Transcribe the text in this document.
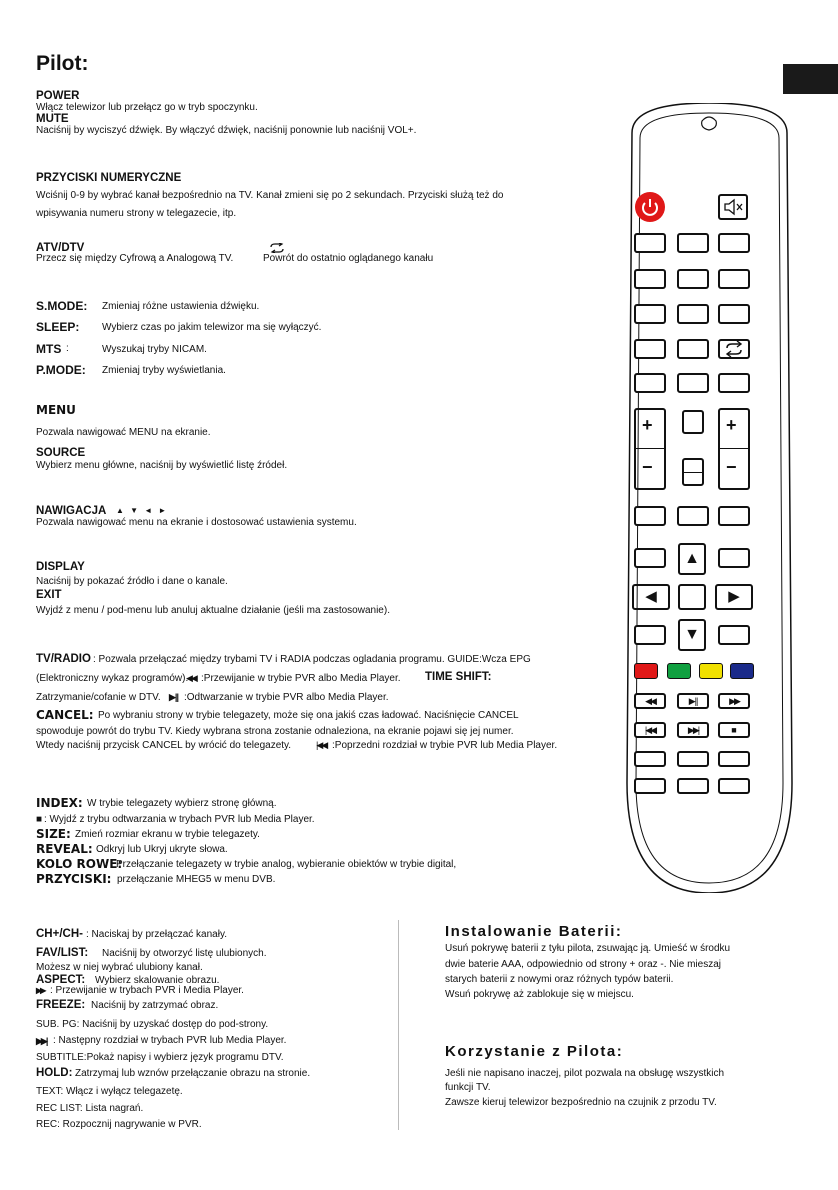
Pilot:
POWER
Włącz telewizor lub przełącz go w tryb spoczynku.
MUTE
Naciśnij by wyciszyć dźwięk. By włączyć dźwięk, naciśnij ponownie lub naciśnij VOL+.
PRZYCISKI NUMERYCZNE
Wciśnij 0-9 by wybrać kanał bezpośrednio na TV. Kanał zmieni się po 2 sekundach. Przyciski służą też do
wpisywania numeru strony w telegazecie, itp.
ATV/DTV
Przecz się między Cyfrową a Analogową TV.	Powrót do ostatnio oglądanego kanału
S.MODE: Zmieniaj różne ustawienia dźwięku.
SLEEP: Wybierz czas po jakim telewizor ma się wyłączyć.
MTS :	Wyszukaj tryby NICAM.
P.MODE: Zmieniaj tryby wyświetlania.
MENU
Pozwala nawigować MENU na ekranie.
SOURCE
Wybierz menu główne, naciśnij by wyświetlić listę źródeł.
NAWIGACJA ▲ ▼ ◄ ►
Pozwala nawigować menu na ekranie i dostosować ustawienia systemu.
DISPLAY
Naciśnij by pokazać źródło i dane o kanale.
EXIT
Wyjdź z menu / pod-menu lub anuluj aktualne działanie (jeśli ma zastosowanie).
TV/RADIO : Pozwala przełączać między trybami TV i RADIA podczas ogladania programu. GUIDE:Wcza EPG
(Elektroniczny wykaz programów).
◀◀ :Przewijanie w trybie PVR albo Media Player. TIME SHIFT:
Zatrzymanie/cofanie w DTV. ▶|| :Odtwarzanie w trybie PVR albo Media Player.
CANCEL: Po wybraniu strony w trybie telegazety, może się ona jakiś czas ładować. Naciśnięcie CANCEL
spowoduje powrót do trybu TV. Kiedy wybrana strona zostanie odnaleziona, na ekranie pojawi się jej numer.
Wtedy naciśnij przycisk CANCEL by wrócić do telegazety.	|◀◀ :Poprzedni rozdział w trybie PVR lub Media Player.
INDEX: W trybie telegazety wybierz stronę główną.
■ : Wyjdź z trybu odtwarzania w trybach PVR lub Media Player.
SIZE: Zmień rozmiar ekranu w trybie telegazety.
REVEAL: Odkryj lub Ukryj ukryte słowa.
KOLO ROWE:
Przełączanie telegazety w trybie analog, wybieranie obiektów w trybie digital,
PRZYCISKI: przełączanie MHEG5 w menu DVB.
CH+/CH- : Naciskaj by przełączać kanały.
FAV/LIST: Naciśnij by otworzyć listę ulubionych.
Możesz w niej wybrać ulubiony kanał.
ASPECT: Wybierz skalowanie obrazu.
▶▶ : Przewijanie w trybach PVR i Media Player.
FREEZE: Naciśnij by zatrzymać obraz.
SUB. PG: Naciśnij by uzyskać dostęp do pod-strony.
▶▶| : Następny rozdział w trybach PVR lub Media Player.
SUBTITLE:Pokaż napisy i wybierz język programu DTV.
HOLD: Zatrzymaj lub wznów przełączanie obrazu na stronie.
TEXT: Włącz i wyłącz telegazetę.
REC LIST: Lista nagrań.
REC: Rozpocznij nagrywanie w PVR.
Instalowanie Baterii:
Usuń pokrywę baterii z tyłu pilota, zsuwając ją. Umieść w środku
dwie baterie AAA, odpowiednio od strony + oraz -. Nie mieszaj
starych baterii z nowymi oraz różnych typów baterii.
Wsuń pokrywę aż zablokuje się w miejscu.
Korzystanie z Pilota:
Jeśli nie napisano inaczej, pilot pozwala na obsługę wszystkich
funkcji TV.
Zawsze kieruj telewizor bezpośrednio na czujnik z przodu TV.
+
−
+
−
▲
◀	▶
▼
◀◀	▶||	▶▶
|◀◀	▶▶|	■
